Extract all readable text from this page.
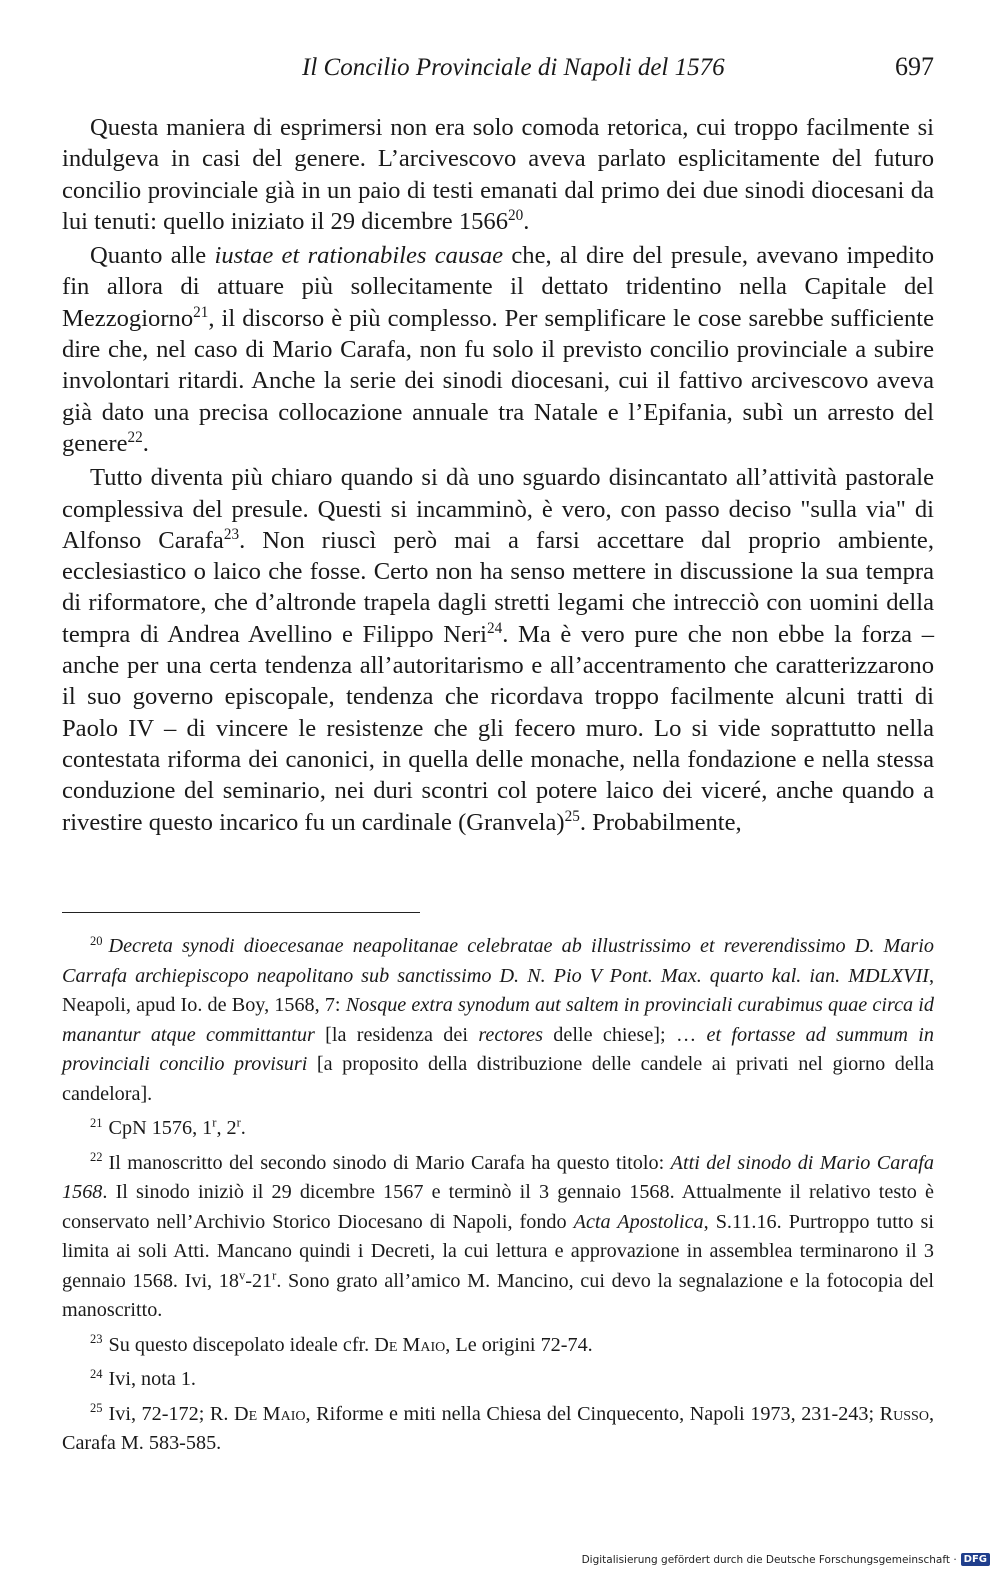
Il Concilio Provinciale di Napoli del 1576	697

Questa maniera di esprimersi non era solo comoda retorica, cui troppo facilmente si indulgeva in casi del genere. L’arcivescovo aveva parlato esplicitamente del futuro concilio provinciale già in un paio di testi emanati dal primo dei due sinodi diocesani da lui tenuti: quello iniziato il 29 dicembre 1566$^{20}$.

Quanto alle iustae et rationabiles causae che, al dire del presule, avevano impedito fin allora di attuare più sollecitamente il dettato tridentino nella Capitale del Mezzogiorno$^{21}$, il discorso è più complesso. Per semplificare le cose sarebbe sufficiente dire che, nel caso di Mario Carafa, non fu solo il previsto concilio provinciale a subire involontari ritardi. Anche la serie dei sinodi diocesani, cui il fattivo arcivescovo aveva già dato una precisa collocazione annuale tra Natale e l’Epifania, subì un arresto del genere$^{22}$.

Tutto diventa più chiaro quando si dà uno sguardo disincantato all’attività pastorale complessiva del presule. Questi si incamminò, è vero, con passo deciso "sulla via" di Alfonso Carafa$^{23}$. Non riuscì però mai a farsi accettare dal proprio ambiente, ecclesiastico o laico che fosse. Certo non ha senso mettere in discussione la sua tempra di riformatore, che d’altronde trapela dagli stretti legami che intrecciò con uomini della tempra di Andrea Avellino e Filippo Neri$^{24}$. Ma è vero pure che non ebbe la forza – anche per una certa tendenza all’autoritarismo e all’accentramento che caratterizzarono il suo governo episcopale, tendenza che ricordava troppo facilmente alcuni tratti di Paolo IV – di vincere le resistenze che gli fecero muro. Lo si vide soprattutto nella contestata riforma dei canonici, in quella delle monache, nella fondazione e nella stessa conduzione del seminario, nei duri scontri col potere laico dei viceré, anche quando a rivestire questo incarico fu un cardinale (Granvela)$^{25}$. Probabilmente,

$^{20}$ Decreta synodi dioecesanae neapolitanae celebratae ab illustrissimo et reverendissimo D. Mario Carrafa archiepiscopo neapolitano sub sanctissimo D. N. Pio V Pont. Max. quarto kal. ian. MDLXVII, Neapoli, apud Io. de Boy, 1568, 7: Nosque extra synodum aut saltem in provinciali curabimus quae circa id manantur atque committantur [la residenza dei rectores delle chiese]; … et fortasse ad summum in provinciali concilio provisuri [a proposito della distribuzione delle candele ai privati nel giorno della candelora].

$^{21}$ CpN 1576, 1$^r$, 2$^r$.

$^{22}$ Il manoscritto del secondo sinodo di Mario Carafa ha questo titolo: Atti del sinodo di Mario Carafa 1568. Il sinodo iniziò il 29 dicembre 1567 e terminò il 3 gennaio 1568. Attualmente il relativo testo è conservato nell’Archivio Storico Diocesano di Napoli, fondo Acta Apostolica, S.11.16. Purtroppo tutto si limita ai soli Atti. Mancano quindi i Decreti, la cui lettura e approvazione in assemblea terminarono il 3 gennaio 1568. Ivi, 18$^v$-21$^r$. Sono grato all’amico M. Mancino, cui devo la segnalazione e la fotocopia del manoscritto.

$^{23}$ Su questo discepolato ideale cfr. De Maio, Le origini 72-74.

$^{24}$ Ivi, nota 1.

$^{25}$ Ivi, 72-172; R. De Maio, Riforme e miti nella Chiesa del Cinquecento, Napoli 1973, 231-243; Russo, Carafa M. 583-585.

Digitalisierung gefördert durch die Deutsche Forschungsgemeinschaft · DFG
